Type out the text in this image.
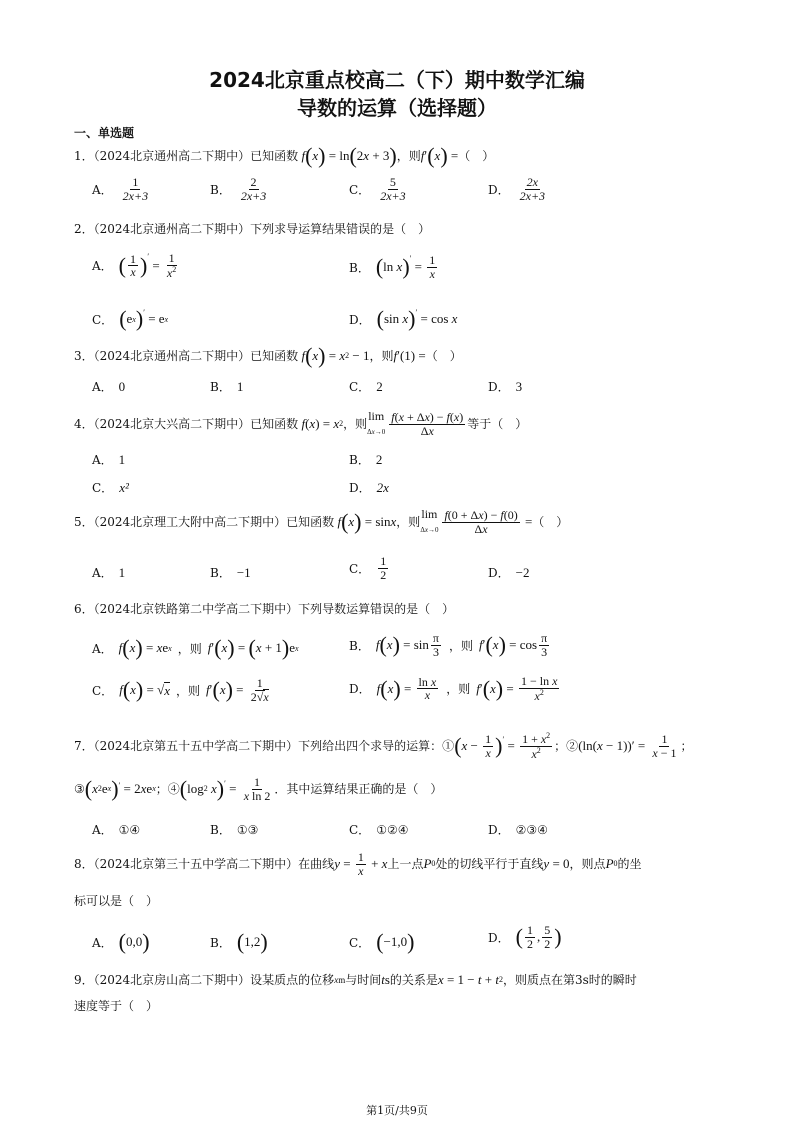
2024北京重点校高二（下）期中数学汇编
导数的运算（选择题）
一、单选题
1．（2024北京通州高二下期中）已知函数 f ( x ) = ln ( 2 x + 3 ) ，则 f ′ ( x ) =（　）
A． $\frac{1}{2x+3}$	B． $\frac{2}{2x+3}$	C． $\frac{5}{2x+3}$	D． $\frac{2x}{2x+3}$
2．（2024北京通州高二下期中）下列求导运算结果错误的是（　）
A． ( $\frac{1}{x} )'$
= $\frac{1}{x^2}$	B． ( ln x )′
= $\frac{1}{x}$
C． ( e x )′ = e $_x$	D． ( sin x )′ = cos x
3．（2024北京通州高二下期中）已知函数 f ( x ) = x 2 − 1，则 f ′(1) =（　）
A． 0	B． 1	C． 2	D． 3
4．（2024北京大兴高二下期中）已知函数
f ( x ) = x 2 ，则
lim
$\Delta x\to 0 \frac{f(x + \Delta x) - f(x)}{\Delta x}$ 等于（　）
A． 1	B． 2
C． x²	D． 2x
5．（2024北京理工大附中高二下期中）已知函数
f ( x ) = sin x ，则
lim
$\Delta x\to 0 \frac{f(0 + \Delta x) - f(0)}{\Delta x}$ = （　）
A． 1	B． −1	C． $\frac{1}{2}$	D． −2
6．（2024北京铁路第二中学高二下期中）下列导数运算错误的是（　）
A． f ( x ) = x e x ，则 f ′ ( x ) = ( x + 1 ) e x	B． f ( x ) = $\sin \frac{\pi}{3}$ ，则 f ′ ( x ) = $\cos \frac{\pi}{3}$
C． f ( x ) = √ x ，则 f ′ ( x ) = $\frac{1}{2√x}$	D． f ( x ) = $\frac{\text{ln x}}{x}$ ，则 f ′ ( x ) = $\frac{\text{1 − ln x}}{x^2}$
7．（2024北京第五十五中学高二下期中）下列给出四个求导的运算：① ( $x - \frac{1}{x} )' = \frac{1 + x^2}{x^2}$ ；② (ln( $x - 1))' = \frac{1}{x - 1}$ ；
③ ( x 2 e x )′ = 2 x e x ；④ ( log 2
x )$' = \frac{1}{\text{x ln 2}}$ ．其中运算结果正确的是（　）
A． ①④	B． ①③	C． ①②④	D． ②③④
8．（2024北京第三十五中学高二下期中）在曲线 $y = \frac{1}{x} + x$ 上一点 P 0 处的切线平行于直线 y = 0 ，则点 P 0 的坐
标可以是（　）
A． ( 0,0 )	B． ( 1,2 )	C． ( −1,0 )	D． ( $\frac{1}{2}$ , $\frac{5}{2}$ )
9．（2024北京房山高二下期中）设某质点的位移 x m 与时间 t s 的关系是 x = 1 − t + t 2 ，则质点在第3s时的瞬时
速度等于（　）
第1页/共9页
